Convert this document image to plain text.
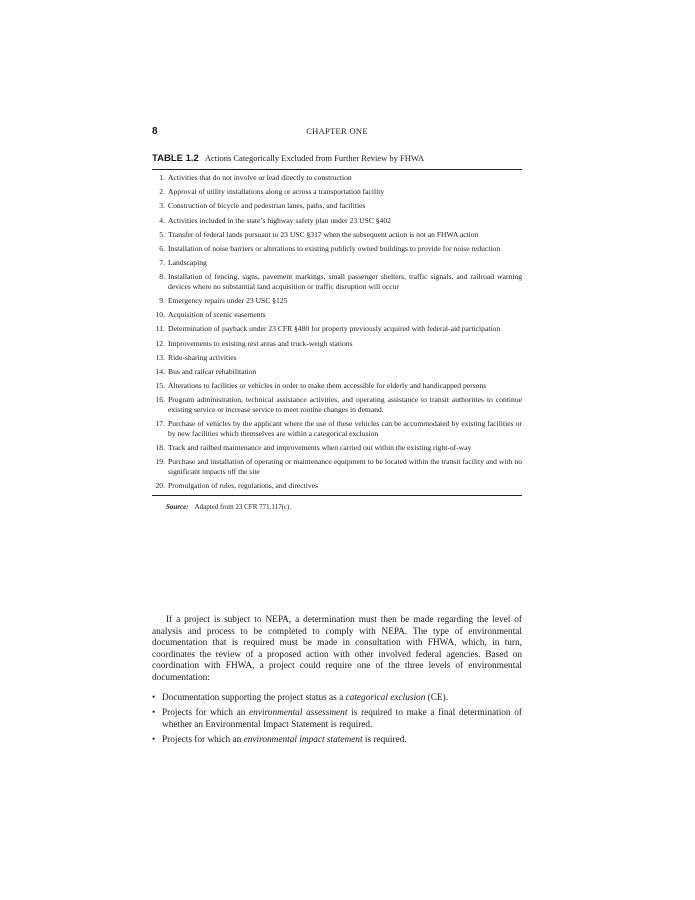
8	CHAPTER ONE
TABLE 1.2 Actions Categorically Excluded from Further Review by FHWA
1. Activities that do not involve or lead directly to construction
2. Approval of utility installations along or across a transportation facility
3. Construction of bicycle and pedestrian lanes, paths, and facilities
4. Activities included in the state’s highway safety plan under 23 USC §402
5. Transfer of federal lands pursuant to 23 USC §317 when the subsequent action is not an FHWA action
6. Installation of noise barriers or alterations to existing publicly owned buildings to provide for noise reduction
7. Landscaping
8. Installation of fencing, signs, pavement markings, small passenger shelters, traffic signals, and railroad warning devices where no substantial land acquisition or traffic disruption will occur
9. Emergency repairs under 23 USC §125
10. Acquisition of scenic easements
11. Determination of payback under 23 CFR §480 for property previously acquired with federal-aid participation
12. Improvements to existing rest areas and truck-weigh stations
13. Ride-sharing activities
14. Bus and railcar rehabilitation
15. Alterations to facilities or vehicles in order to make them accessible for elderly and handicapped persons
16. Program administration, technical assistance activities, and operating assistance to transit authorities to continue existing service or increase service to meet routine changes in demand.
17. Purchase of vehicles by the applicant where the use of these vehicles can be accommodated by existing facilities or by new facilities which themselves are within a categorical exclusion
18. Track and railbed maintenance and improvements when carried out within the existing right-of-way
19. Purchase and installation of operating or maintenance equipment to be located within the transit facility and with no significant impacts off the site
20. Promulgation of rules, regulations, and directives
Source: Adapted from 23 CFR 771.117(c).

If a project is subject to NEPA, a determination must then be made regarding the level of analysis and process to be completed to comply with NEPA. The type of environmental documentation that is required must be made in consultation with FHWA, which, in turn, coordinates the review of a proposed action with other involved federal agencies. Based on coordination with FHWA, a project could require one of the three levels of environmental documentation:

• Documentation supporting the project status as a categorical exclusion (CE).
• Projects for which an environmental assessment is required to make a final determination of whether an Environmental Impact Statement is required.
• Projects for which an environmental impact statement is required.
